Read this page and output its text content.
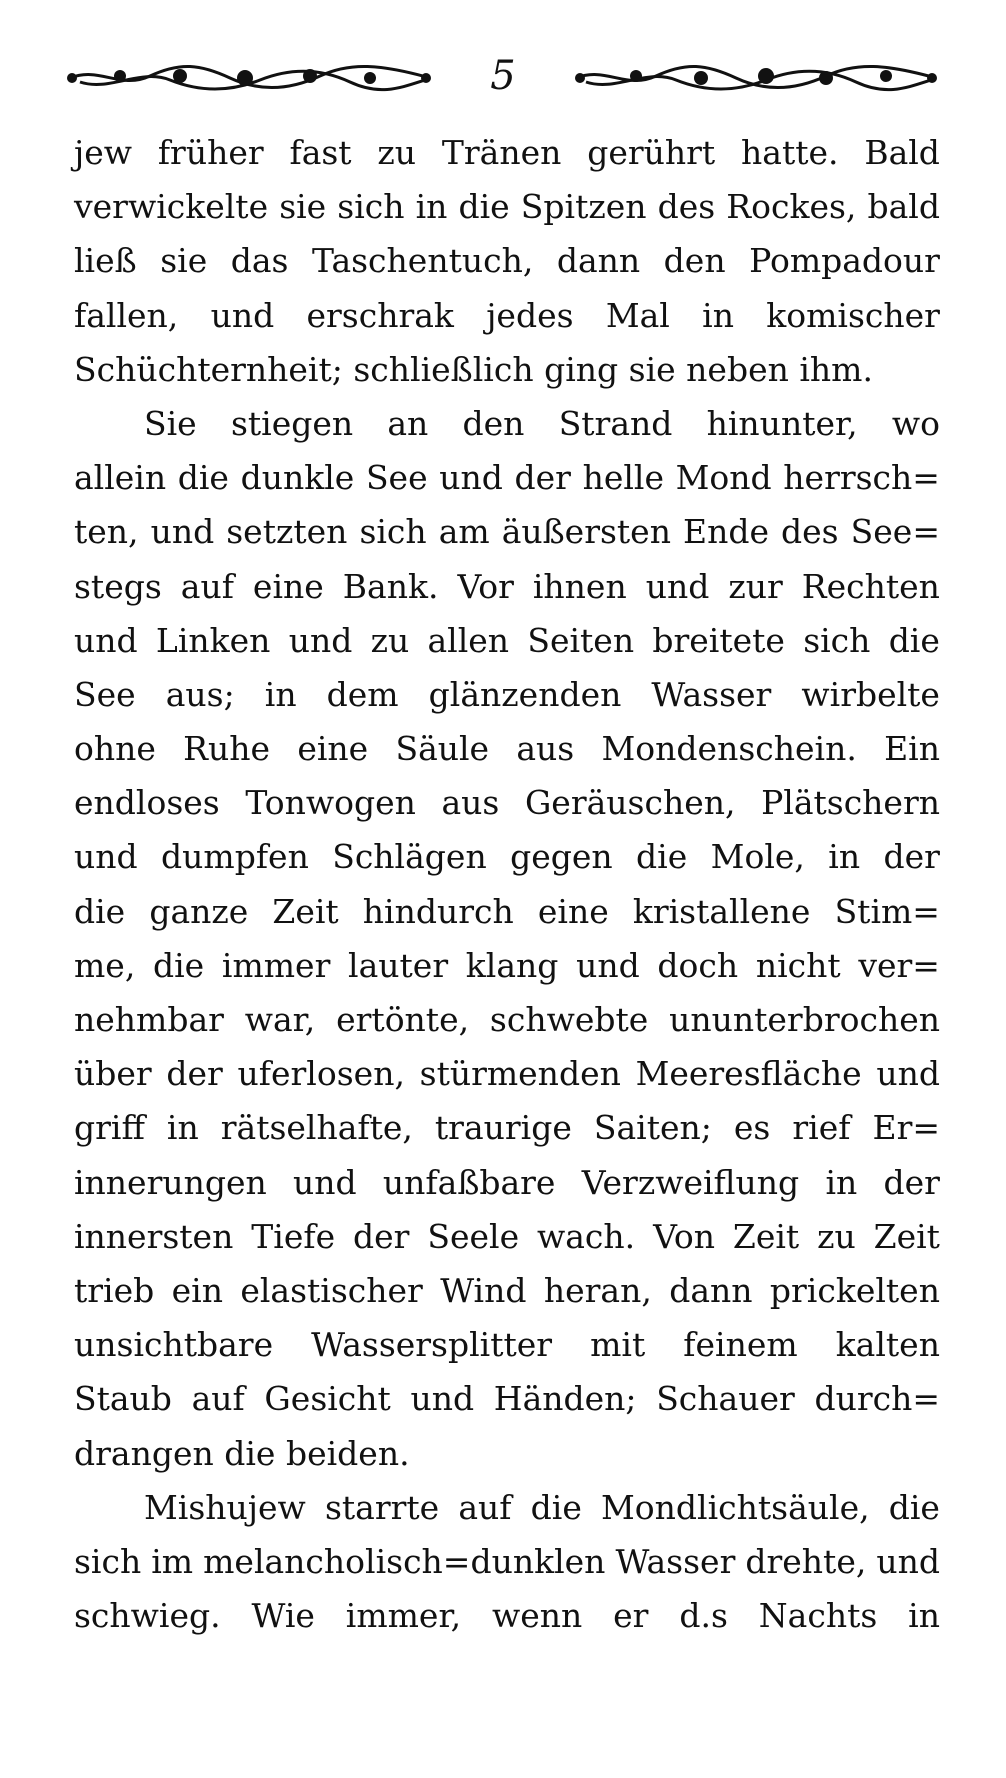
5
jew früher fast zu Tränen gerührt hatte. Bald
verwickelte sie sich in die Spitzen des Rockes, bald
ließ sie das Taschentuch, dann den Pompadour
fallen, und erschrak jedes Mal in komischer
Schüchternheit;
schließlich
ging
sie
neben
ihm.
Sie stiegen an den Strand hinunter, wo
allein die dunkle See und der helle Mond herrsch=
ten, und setzten sich am äußersten Ende des See=
stegs auf eine Bank. Vor ihnen und zur Rechten
und Linken und zu allen Seiten breitete sich die
See aus; in dem glänzenden Wasser wirbelte
ohne Ruhe eine Säule aus Mondenschein. Ein
endloses Tonwogen aus Geräuschen, Plätschern
und dumpfen Schlägen gegen die Mole, in der
die ganze Zeit hindurch eine kristallene Stim=
me, die immer lauter klang und doch nicht ver=
nehmbar war, ertönte, schwebte ununterbrochen
über der uferlosen, stürmenden Meeresfläche und
griff in rätselhafte, traurige Saiten; es rief Er=
innerungen und unfaßbare Verzweiflung in der
innersten Tiefe der Seele wach. Von Zeit zu Zeit
trieb ein elastischer Wind heran, dann prickelten
unsichtbare Wassersplitter mit feinem kalten
Staub auf Gesicht und Händen; Schauer durch=
drangen
die
beiden.
Mishujew starrte auf die Mondlichtsäule, die
sich im melancholisch=dunklen Wasser drehte, und
schwieg. Wie immer, wenn er d.s Nachts in
